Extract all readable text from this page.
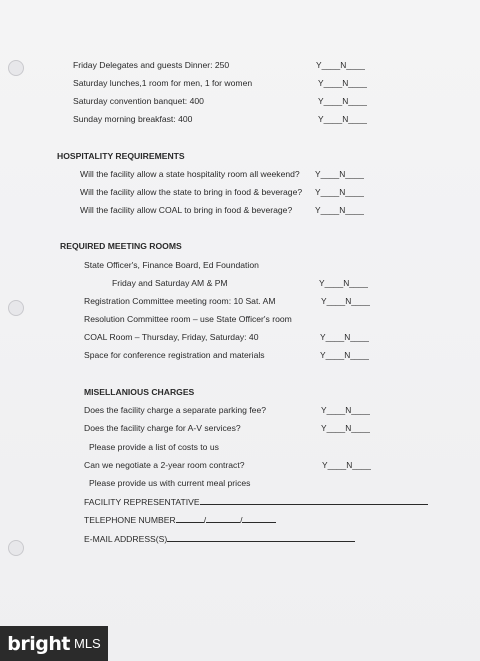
Friday Delegates and guests Dinner: 250	Y____N____
Saturday lunches,1 room for men, 1 for women	Y____N____
Saturday convention banquet: 400	Y____N____
Sunday morning breakfast: 400	Y____N____
HOSPITALITY REQUIREMENTS
Will the facility allow a state hospitality room all weekend? Y____N____
Will the facility allow the state to bring in food & beverage? Y____N____
Will the facility allow COAL to bring in food & beverage?	Y____N____
REQUIRED MEETING ROOMS
State Officer's, Finance Board, Ed Foundation
Friday and Saturday AM & PM	Y____N____
Registration Committee meeting room: 10 Sat. AM	Y____N____
Resolution Committee room – use State Officer's room
COAL Room – Thursday, Friday, Saturday: 40	Y____N____
Space for conference registration and materials	Y____N____
MISELLANIOUS CHARGES
Does the facility charge a separate parking fee?	Y____N____
Does the facility charge for A-V services?	Y____N____
Please provide a list of costs to us
Can we negotiate a 2-year room contract?	Y____N____
Please provide us with current meal prices
FACILITY REPRESENTATIVE
TELEPHONE NUMBER	/	/
E-MAIL ADDRESS(S)
bright MLS
